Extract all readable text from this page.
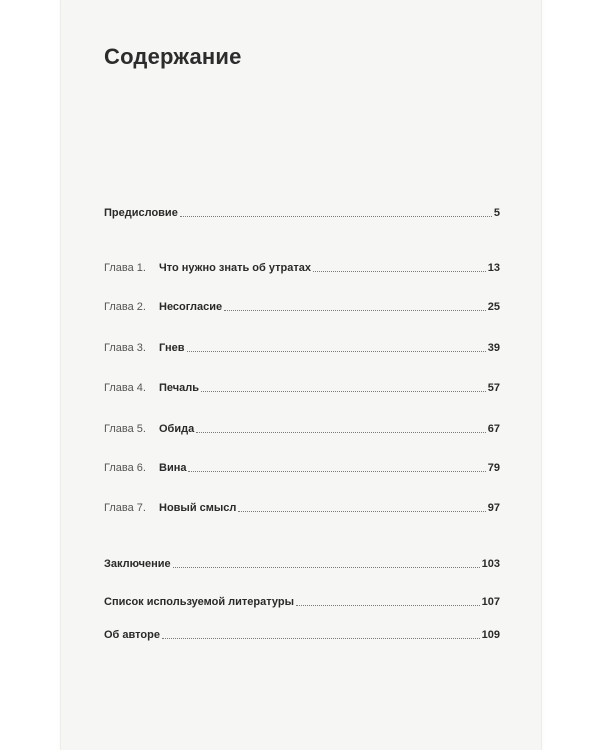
Содержание
Предисловие	5
Глава 1.	Что нужно знать об утратах	13
Глава 2.	Несогласие	25
Глава 3.	Гнев	39
Глава 4.	Печаль	57
Глава 5.	Обида	67
Глава 6.	Вина	79
Глава 7.	Новый смысл	97
Заключение	103
Список используемой литературы	107
Об авторе	109
